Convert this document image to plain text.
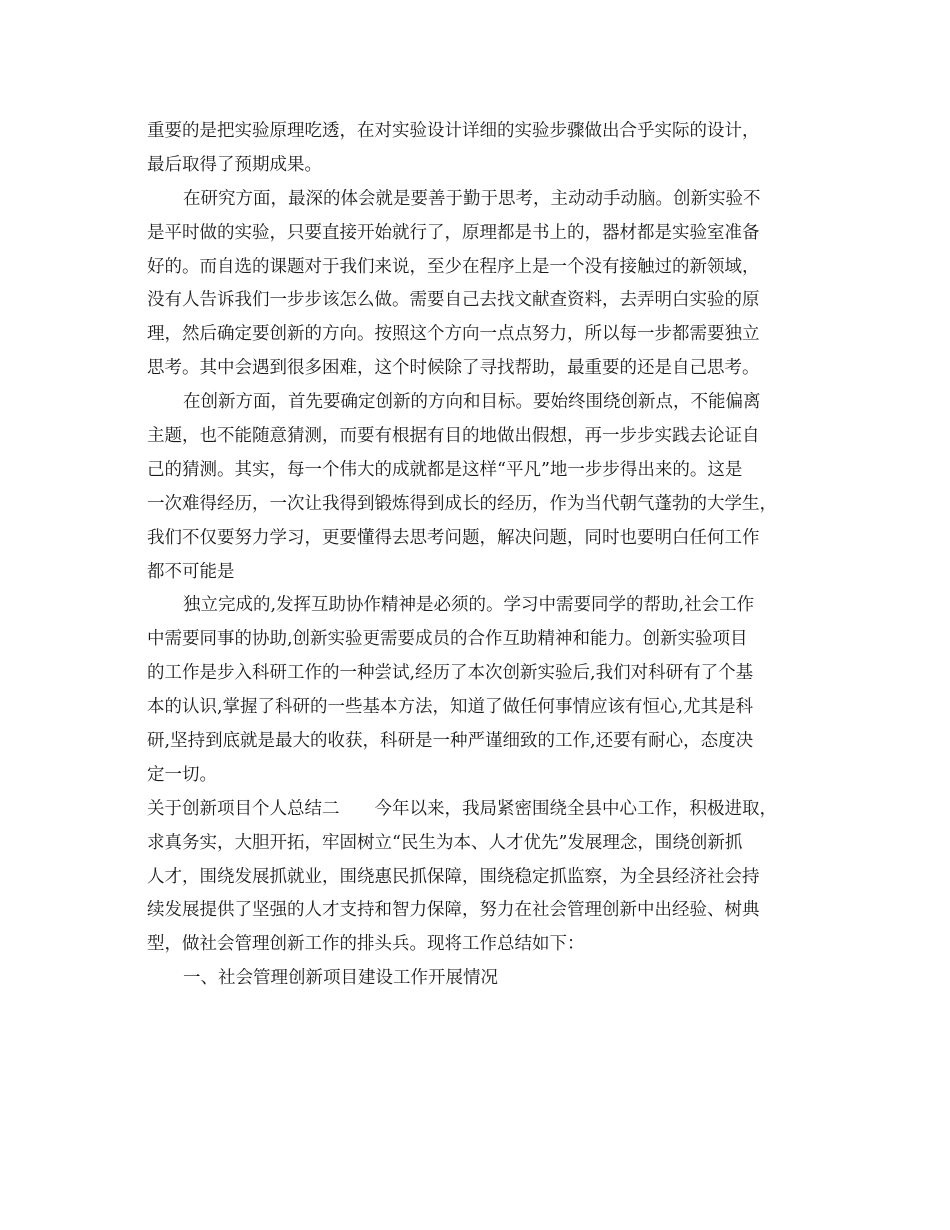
重要的是把实验原理吃透，在对实验设计详细的实验步骤做出合乎实际的设计，
最后取得了预期成果。
在研究方面，最深的体会就是要善于勤于思考，主动动手动脑。创新实验不
是平时做的实验，只要直接开始就行了，原理都是书上的，器材都是实验室准备
好的。而自选的课题对于我们来说，至少在程序上是一个没有接触过的新领域，
没有人告诉我们一步步该怎么做。需要自己去找文献查资料，去弄明白实验的原
理，然后确定要创新的方向。按照这个方向一点点努力，所以每一步都需要独立
思考。其中会遇到很多困难，这个时候除了寻找帮助，最重要的还是自己思考。
在创新方面，首先要确定创新的方向和目标。要始终围绕创新点，不能偏离
主题，也不能随意猜测，而要有根据有目的地做出假想，再一步步实践去论证自
己的猜测。其实，每一个伟大的成就都是这样“平凡”地一步步得出来的。这是
一次难得经历，一次让我得到锻炼得到成长的经历，作为当代朝气蓬勃的大学生，
我们不仅要努力学习，更要懂得去思考问题，解决问题，同时也要明白任何工作
都不可能是
独立完成的,发挥互助协作精神是必须的。学习中需要同学的帮助,社会工作
中需要同事的协助,创新实验更需要成员的合作互助精神和能力。创新实验项目
的工作是步入科研工作的一种尝试,经历了本次创新实验后,我们对科研有了个基
本的认识,掌握了科研的一些基本方法，知道了做任何事情应该有恒心,尤其是科
研,坚持到底就是最大的收获，科研是一种严谨细致的工作,还要有耐心，态度决
定一切。
关于创新项目个人总结二　　今年以来，我局紧密围绕全县中心工作，积极进取，
求真务实，大胆开拓，牢固树立“民生为本、人才优先”发展理念，围绕创新抓
人才，围绕发展抓就业，围绕惠民抓保障，围绕稳定抓监察，为全县经济社会持
续发展提供了坚强的人才支持和智力保障，努力在社会管理创新中出经验、树典
型，做社会管理创新工作的排头兵。现将工作总结如下：
一、社会管理创新项目建设工作开展情况
